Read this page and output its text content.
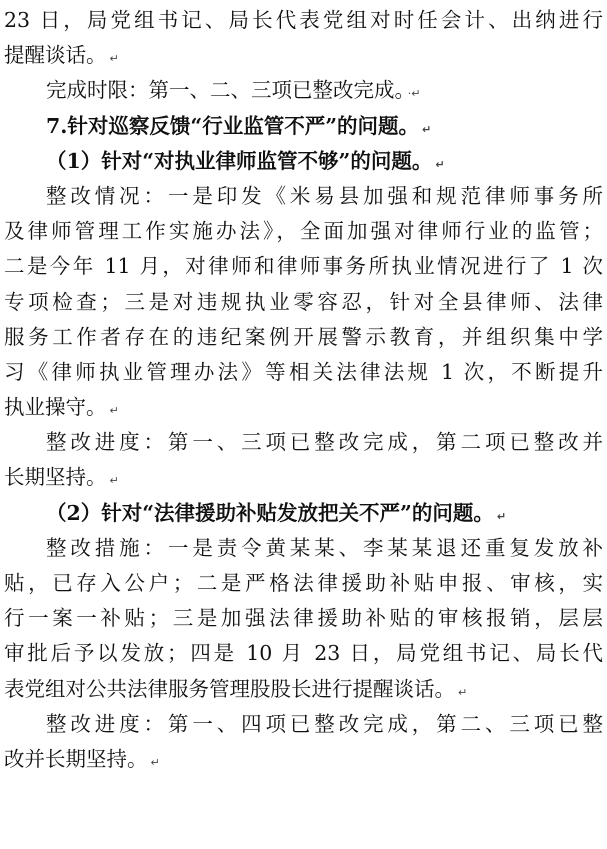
23 日，局党组书记、局长代表党组对时任会计、出纳进行
提醒谈话。 ↵
完成时限：第一、二、三项已整改完成。 ·↵
7.针对巡察反馈“行业监管不严”的问题。 ↵
（1）针对“对执业律师监管不够”的问题。 ↵
整改情况：一是印发《米易县加强和规范律师事务所
及律师管理工作实施办法》，全面加强对律师行业的监管；
二是今年 11 月，对律师和律师事务所执业情况进行了 1 次
专项检查；三是对违规执业零容忍，针对全县律师、法律
服务工作者存在的违纪案例开展警示教育，并组织集中学
习《律师执业管理办法》等相关法律法规 1 次，不断提升
执业操守。 ↵
整改进度：第一、三项已整改完成，第二项已整改并
长期坚持。 ↵
（2）针对“法律援助补贴发放把关不严”的问题。 ↵
整改措施：一是责令黄某某、李某某退还重复发放补
贴，已存入公户；二是严格法律援助补贴申报、审核，实
行一案一补贴；三是加强法律援助补贴的审核报销，层层
审批后予以发放；四是 10 月 23 日，局党组书记、局长代
表党组对公共法律服务管理股股长进行提醒谈话。 ↵
整改进度：第一、四项已整改完成，第二、三项已整
改并长期坚持。 ↵
